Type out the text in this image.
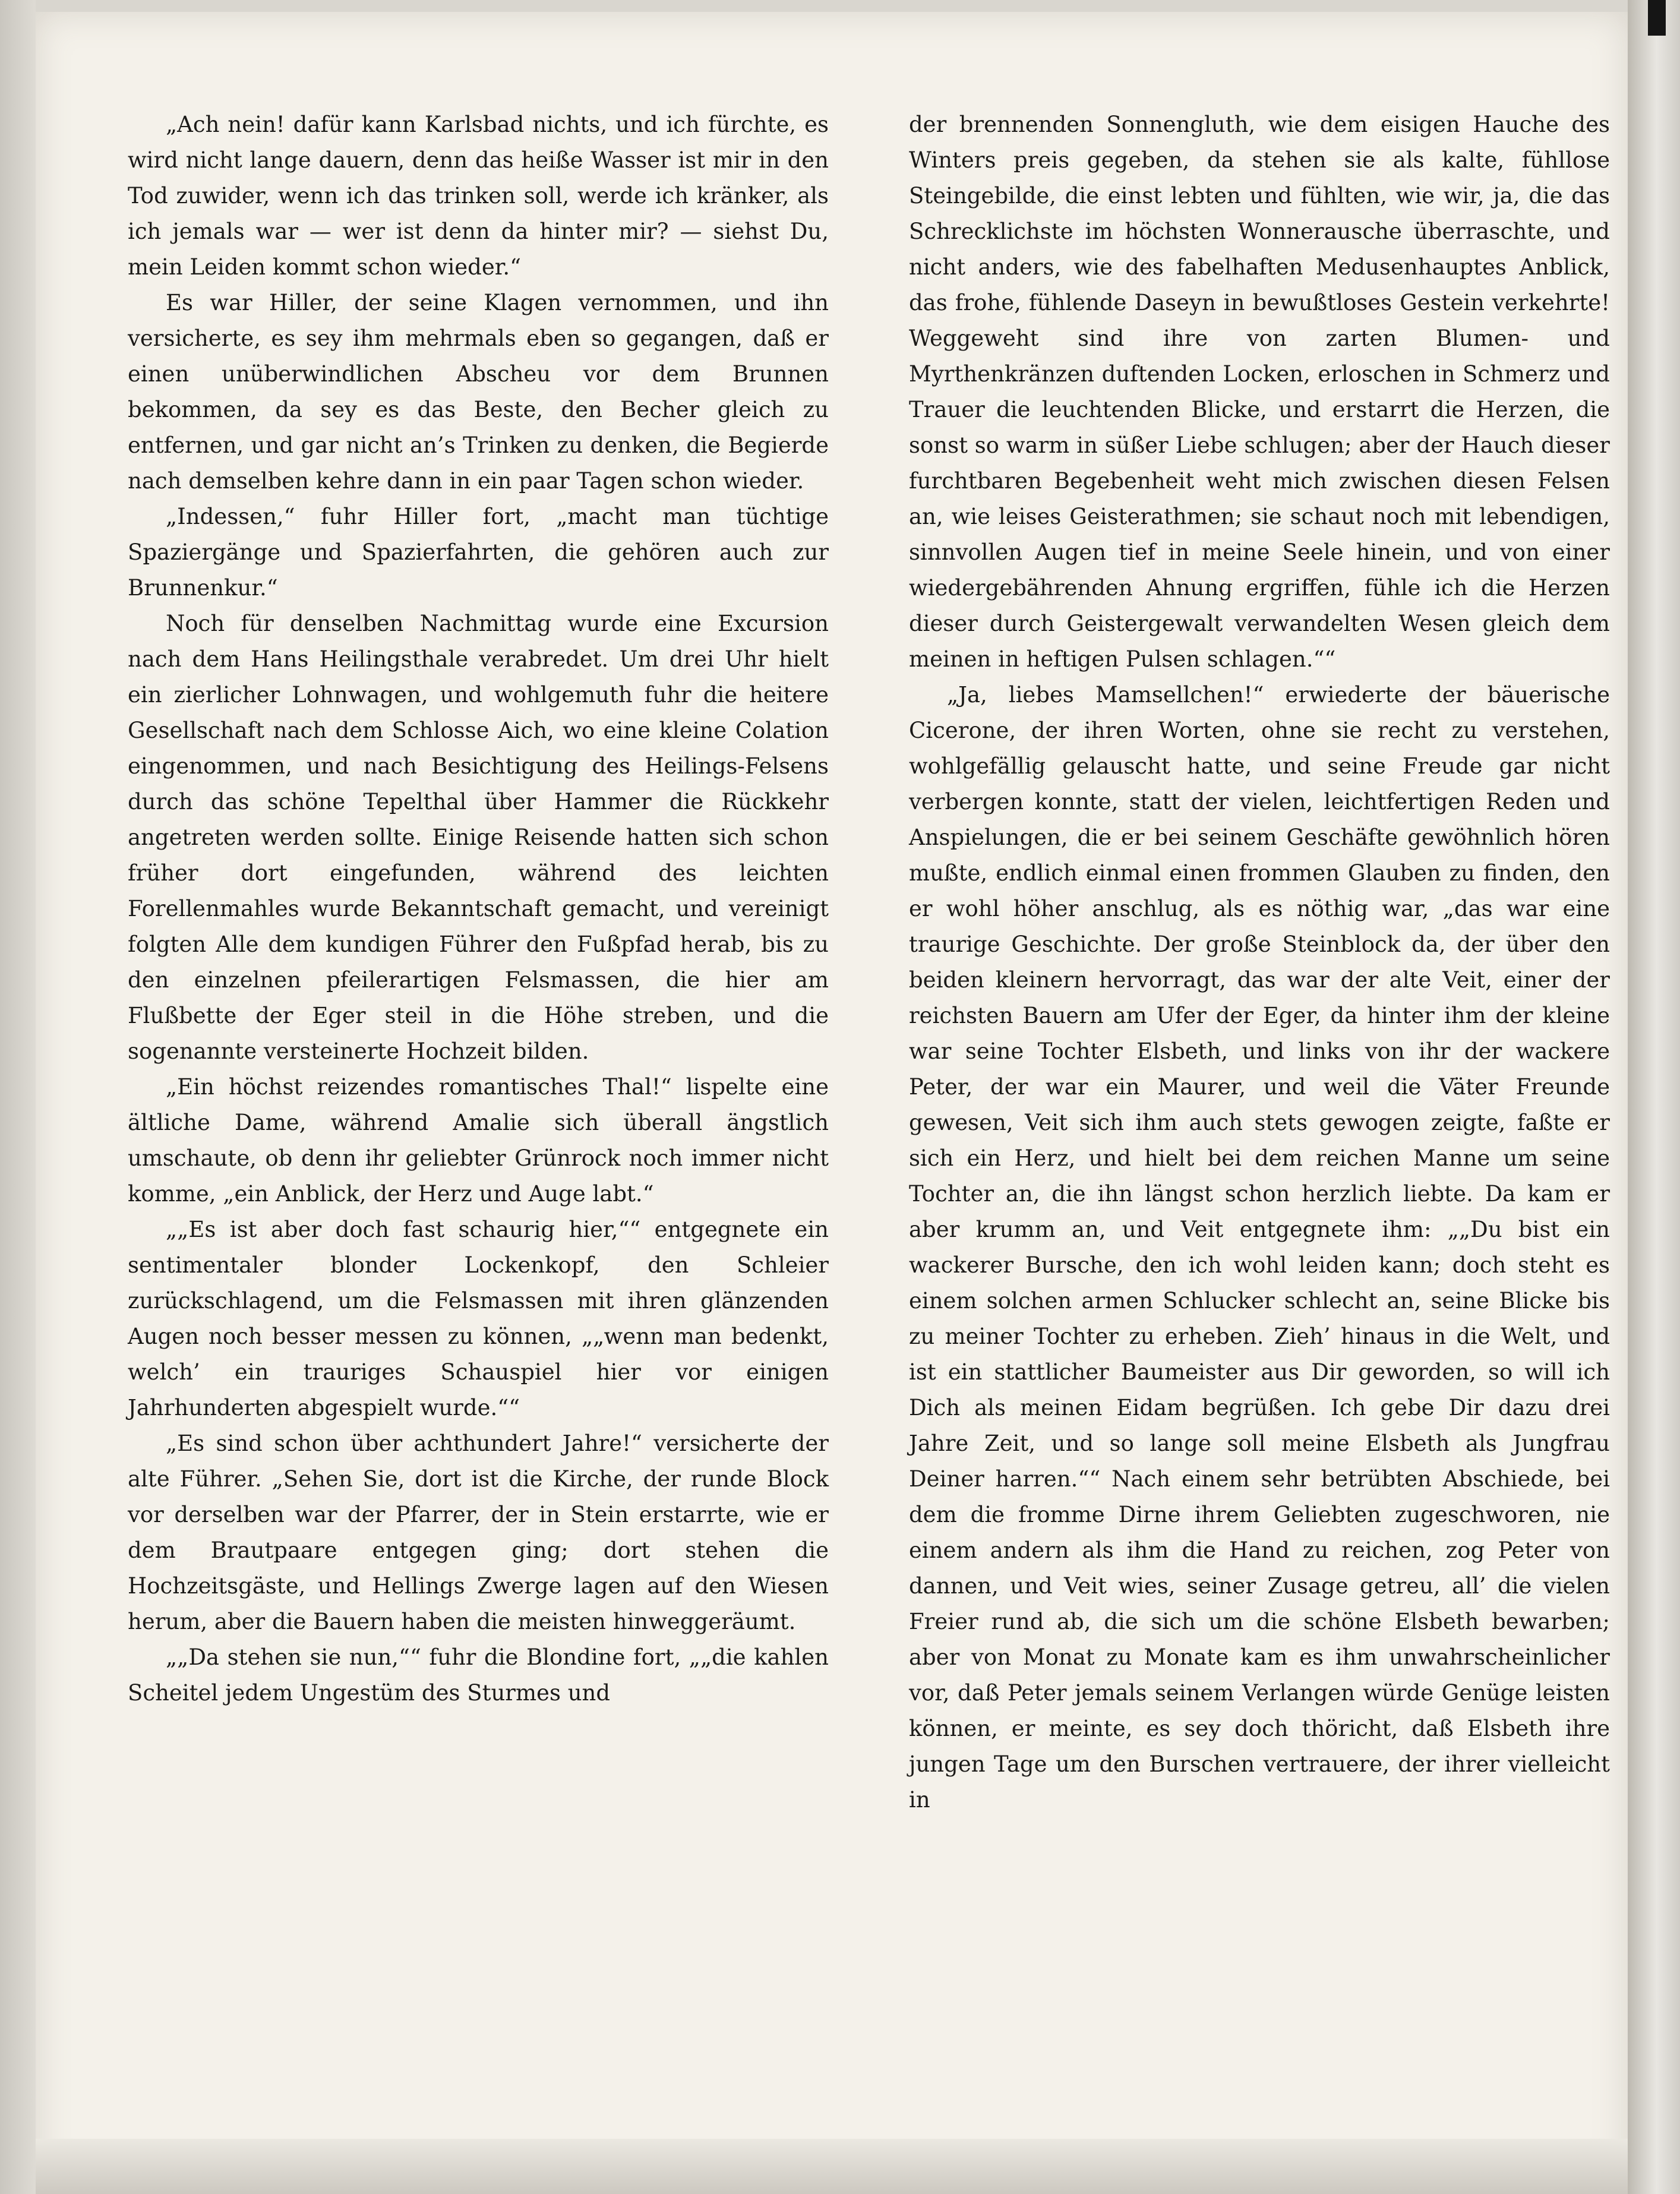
„Ach nein! dafür kann Karlsbad nichts, und ich fürchte, es wird nicht lange dauern, denn das heiße Wasser ist mir in den Tod zuwider, wenn ich das trinken soll, werde ich kränker, als ich jemals war — wer ist denn da hinter mir? — siehst Du, mein Leiden kommt schon wieder.“

Es war Hiller, der seine Klagen vernommen, und ihn versicherte, es sey ihm mehrmals eben so gegangen, daß er einen unüberwindlichen Abscheu vor dem Brunnen bekommen, da sey es das Beste, den Becher gleich zu entfernen, und gar nicht an’s Trinken zu denken, die Begierde nach demselben kehre dann in ein paar Tagen schon wieder.

„Indessen,“ fuhr Hiller fort, „macht man tüchtige Spaziergänge und Spazierfahrten, die gehören auch zur Brunnenkur.“

Noch für denselben Nachmittag wurde eine Excursion nach dem Hans Heilingsthale verabredet. Um drei Uhr hielt ein zierlicher Lohnwagen, und wohlgemuth fuhr die heitere Gesellschaft nach dem Schlosse Aich, wo eine kleine Colation eingenommen, und nach Besichtigung des Heilings-Felsens durch das schöne Tepelthal über Hammer die Rückkehr angetreten werden sollte. Einige Reisende hatten sich schon früher dort eingefunden, während des leichten Forellenmahles wurde Bekanntschaft gemacht, und vereinigt folgten Alle dem kundigen Führer den Fußpfad herab, bis zu den einzelnen pfeilerartigen Felsmassen, die hier am Flußbette der Eger steil in die Höhe streben, und die sogenannte versteinerte Hochzeit bilden.

„Ein höchst reizendes romantisches Thal!“ lispelte eine ältliche Dame, während Amalie sich überall ängstlich umschaute, ob denn ihr geliebter Grünrock noch immer nicht komme, „ein Anblick, der Herz und Auge labt.“

„„Es ist aber doch fast schaurig hier,““ entgegnete ein sentimentaler blonder Lockenkopf, den Schleier zurückschlagend, um die Felsmassen mit ihren glänzenden Augen noch besser messen zu können, „„wenn man bedenkt, welch’ ein trauriges Schauspiel hier vor einigen Jahrhunderten abgespielt wurde.““

„Es sind schon über achthundert Jahre!“ versicherte der alte Führer. „Sehen Sie, dort ist die Kirche, der runde Block vor derselben war der Pfarrer, der in Stein erstarrte, wie er dem Brautpaare entgegen ging; dort stehen die Hochzeitsgäste, und Hellings Zwerge lagen auf den Wiesen herum, aber die Bauern haben die meisten hinweggeräumt.

„„Da stehen sie nun,““ fuhr die Blondine fort, „„die kahlen Scheitel jedem Ungestüm des Sturmes und

der brennenden Sonnengluth, wie dem eisigen Hauche des Winters preis gegeben, da stehen sie als kalte, fühllose Steingebilde, die einst lebten und fühlten, wie wir, ja, die das Schrecklichste im höchsten Wonnerausche überraschte, und nicht anders, wie des fabelhaften Medusenhauptes Anblick, das frohe, fühlende Daseyn in bewußtloses Gestein verkehrte! Weggeweht sind ihre von zarten Blumen- und Myrthenkränzen duftenden Locken, erloschen in Schmerz und Trauer die leuchtenden Blicke, und erstarrt die Herzen, die sonst so warm in süßer Liebe schlugen; aber der Hauch dieser furchtbaren Begebenheit weht mich zwischen diesen Felsen an, wie leises Geisterathmen; sie schaut noch mit lebendigen, sinnvollen Augen tief in meine Seele hinein, und von einer wiedergebährenden Ahnung ergriffen, fühle ich die Herzen dieser durch Geistergewalt verwandelten Wesen gleich dem meinen in heftigen Pulsen schlagen.““

„Ja, liebes Mamsellchen!“ erwiederte der bäuerische Cicerone, der ihren Worten, ohne sie recht zu verstehen, wohlgefällig gelauscht hatte, und seine Freude gar nicht verbergen konnte, statt der vielen, leichtfertigen Reden und Anspielungen, die er bei seinem Geschäfte gewöhnlich hören mußte, endlich einmal einen frommen Glauben zu finden, den er wohl höher anschlug, als es nöthig war, „das war eine traurige Geschichte. Der große Steinblock da, der über den beiden kleinern hervorragt, das war der alte Veit, einer der reichsten Bauern am Ufer der Eger, da hinter ihm der kleine war seine Tochter Elsbeth, und links von ihr der wackere Peter, der war ein Maurer, und weil die Väter Freunde gewesen, Veit sich ihm auch stets gewogen zeigte, faßte er sich ein Herz, und hielt bei dem reichen Manne um seine Tochter an, die ihn längst schon herzlich liebte. Da kam er aber krumm an, und Veit entgegnete ihm: „„Du bist ein wackerer Bursche, den ich wohl leiden kann; doch steht es einem solchen armen Schlucker schlecht an, seine Blicke bis zu meiner Tochter zu erheben. Zieh’ hinaus in die Welt, und ist ein stattlicher Baumeister aus Dir geworden, so will ich Dich als meinen Eidam begrüßen. Ich gebe Dir dazu drei Jahre Zeit, und so lange soll meine Elsbeth als Jungfrau Deiner harren.““ Nach einem sehr betrübten Abschiede, bei dem die fromme Dirne ihrem Geliebten zugeschworen, nie einem andern als ihm die Hand zu reichen, zog Peter von dannen, und Veit wies, seiner Zusage getreu, all’ die vielen Freier rund ab, die sich um die schöne Elsbeth bewarben; aber von Monat zu Monate kam es ihm unwahrscheinlicher vor, daß Peter jemals seinem Verlangen würde Genüge leisten können, er meinte, es sey doch thöricht, daß Elsbeth ihre jungen Tage um den Burschen vertrauere, der ihrer vielleicht in
